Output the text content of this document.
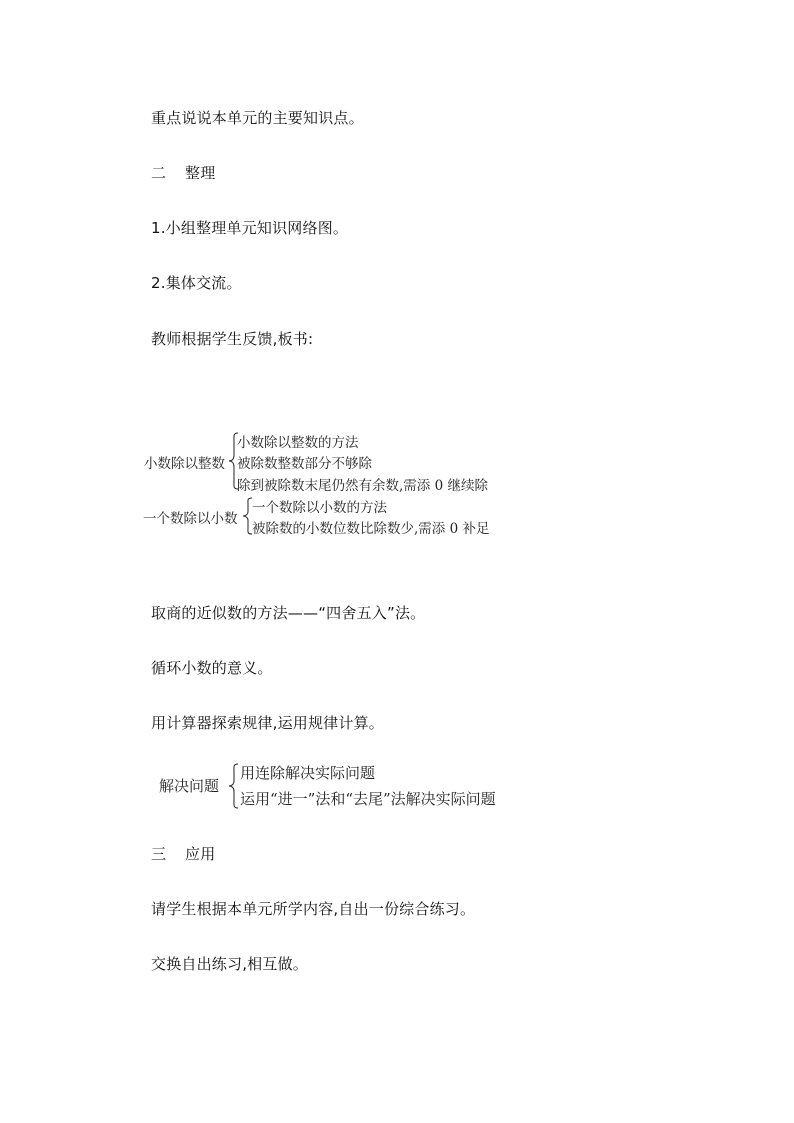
重点说说本单元的主要知识点。
二 整理
1.小组整理单元知识网络图。
2.集体交流。
教师根据学生反馈,板书:
小数除以整数
小数除以整数的方法
被除数整数部分不够除
除到被除数末尾仍然有余数,需添 0 继续除
一个数除以小数
一个数除以小数的方法
被除数的小数位数比除数少,需添 0 补足
取商的近似数的方法——“四舍五入”法。
循环小数的意义。
用计算器探索规律,运用规律计算。
解决问题
用连除解决实际问题
运用“进一”法和“去尾”法解决实际问题
三 应用
请学生根据本单元所学内容,自出一份综合练习。
交换自出练习,相互做。
